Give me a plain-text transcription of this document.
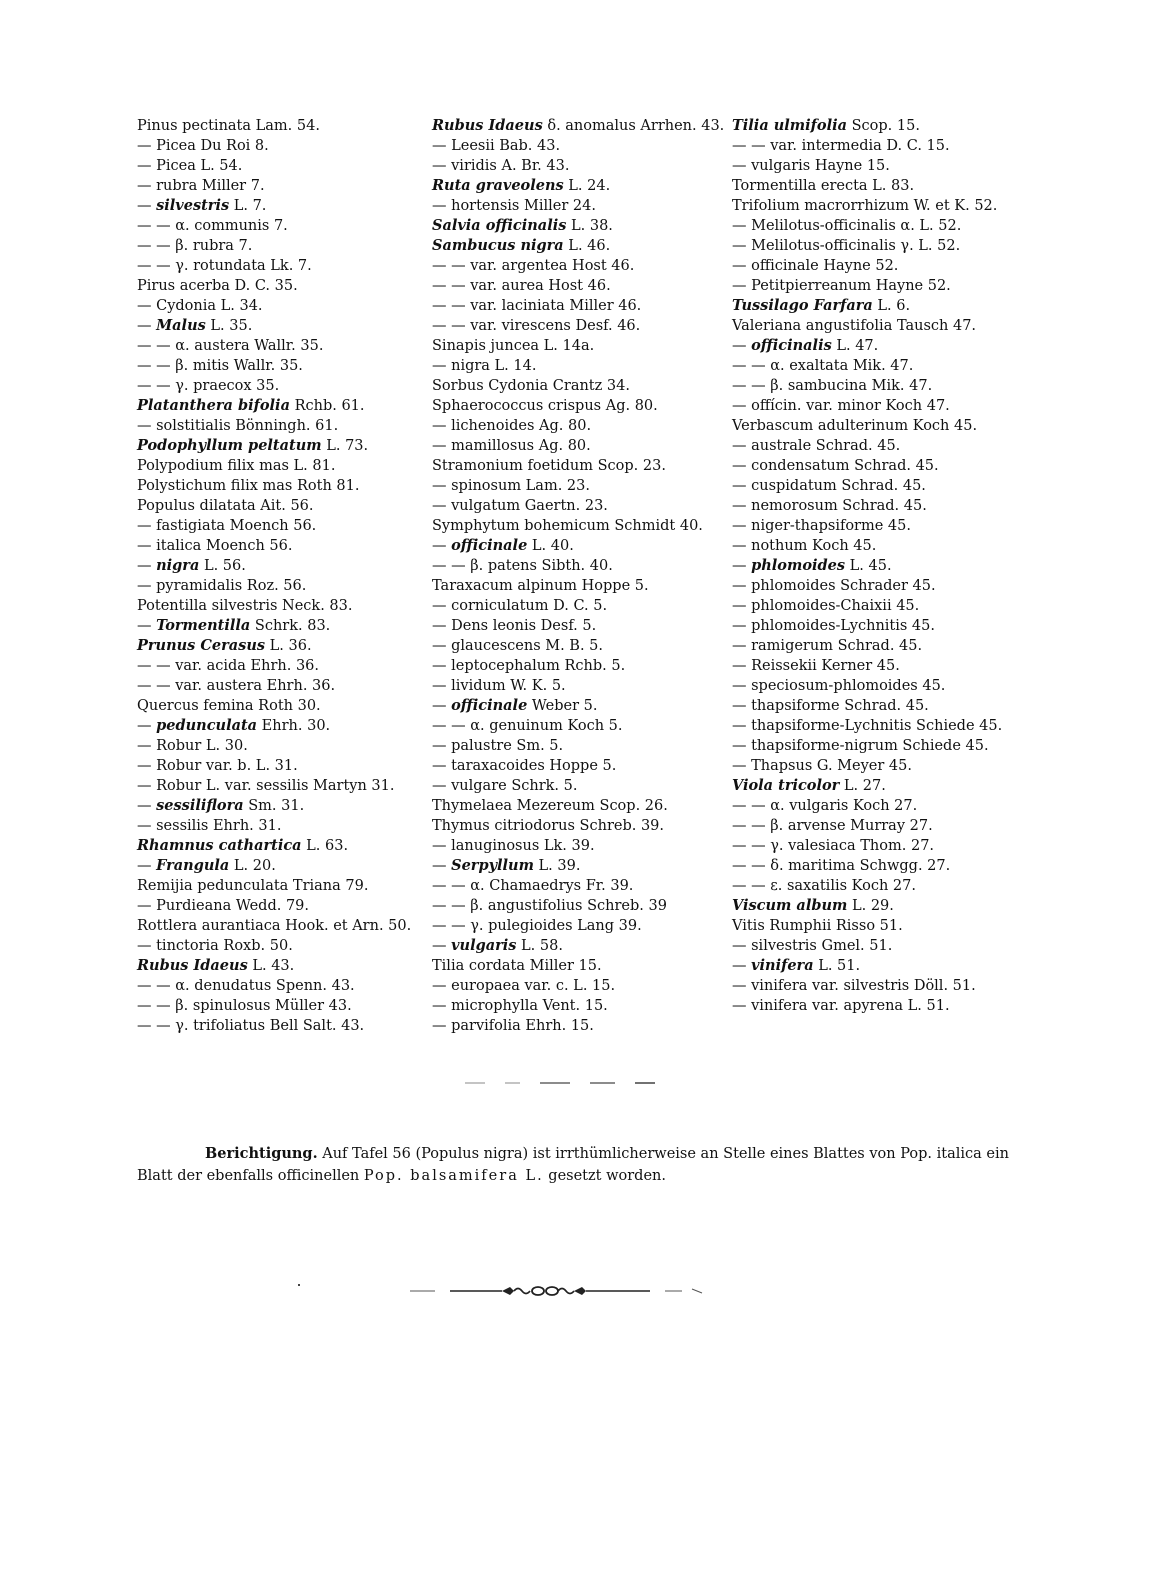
Pinus pectinata Lam. 54.
— Picea Du Roi 8.
— Picea L. 54.
— rubra Miller 7.
— silvestris L. 7.
— — α. communis 7.
— — β. rubra 7.
— — γ. rotundata Lk. 7.
Pirus acerba D. C. 35.
— Cydonia L. 34.
— Malus L. 35.
— — α. austera Wallr. 35.
— — β. mitis Wallr. 35.
— — γ. praecox 35.
Platanthera bifolia Rchb. 61.
— solstitialis Bönningh. 61.
Podophyllum peltatum L. 73.
Polypodium filix mas L. 81.
Polystichum filix mas Roth 81.
Populus dilatata Ait. 56.
— fastigiata Moench 56.
— italica Moench 56.
— nigra L. 56.
— pyramidalis Roz. 56.
Potentilla silvestris Neck. 83.
— Tormentilla Schrk. 83.
Prunus Cerasus L. 36.
— — var. acida Ehrh. 36.
— — var. austera Ehrh. 36.
Quercus femina Roth 30.
— pedunculata Ehrh. 30.
— Robur L. 30.
— Robur var. b. L. 31.
— Robur L. var. sessilis Martyn 31.
— sessiliflora Sm. 31.
— sessilis Ehrh. 31.
Rhamnus cathartica L. 63.
— Frangula L. 20.
Remijia pedunculata Triana 79.
— Purdieana Wedd. 79.
Rottlera aurantiaca Hook. et Arn. 50.
— tinctoria Roxb. 50.
Rubus Idaeus L. 43.
— — α. denudatus Spenn. 43.
— — β. spinulosus Müller 43.
— — γ. trifoliatus Bell Salt. 43.
Rubus Idaeus δ. anomalus Arrhen. 43.
— Leesii Bab. 43.
— viridis A. Br. 43.
Ruta graveolens L. 24.
— hortensis Miller 24.
Salvia officinalis L. 38.
Sambucus nigra L. 46.
— — var. argentea Host 46.
— — var. aurea Host 46.
— — var. laciniata Miller 46.
— — var. virescens Desf. 46.
Sinapis juncea L. 14a.
— nigra L. 14.
Sorbus Cydonia Crantz 34.
Sphaerococcus crispus Ag. 80.
— lichenoides Ag. 80.
— mamillosus Ag. 80.
Stramonium foetidum Scop. 23.
— spinosum Lam. 23.
— vulgatum Gaertn. 23.
Symphytum bohemicum Schmidt 40.
— officinale L. 40.
— — β. patens Sibth. 40.
Taraxacum alpinum Hoppe 5.
— corniculatum D. C. 5.
— Dens leonis Desf. 5.
— glaucescens M. B. 5.
— leptocephalum Rchb. 5.
— lividum W. K. 5.
— officinale Weber 5.
— — α. genuinum Koch 5.
— palustre Sm. 5.
— taraxacoides Hoppe 5.
— vulgare Schrk. 5.
Thymelaea Mezereum Scop. 26.
Thymus citriodorus Schreb. 39.
— lanuginosus Lk. 39.
— Serpyllum L. 39.
— — α. Chamaedrys Fr. 39.
— — β. angustifolius Schreb. 39
— — γ. pulegioides Lang 39.
— vulgaris L. 58.
Tilia cordata Miller 15.
— europaea var. c. L. 15.
— microphylla Vent. 15.
— parvifolia Ehrh. 15.
Tilia ulmifolia Scop. 15.
— — var. intermedia D. C. 15.
— vulgaris Hayne 15.
Tormentilla erecta L. 83.
Trifolium macrorrhizum W. et K. 52.
— Melilotus-officinalis α. L. 52.
— Melilotus-officinalis γ. L. 52.
— officinale Hayne 52.
— Petitpierreanum Hayne 52.
Tussilago Farfara L. 6.
Valeriana angustifolia Tausch 47.
— officinalis L. 47.
— — α. exaltata Mik. 47.
— — β. sambucina Mik. 47.
— offícin. var. minor Koch 47.
Verbascum adulterinum Koch 45.
— australe Schrad. 45.
— condensatum Schrad. 45.
— cuspidatum Schrad. 45.
— nemorosum Schrad. 45.
— niger-thapsiforme 45.
— nothum Koch 45.
— phlomoides L. 45.
— phlomoides Schrader 45.
— phlomoides-Chaixii 45.
— phlomoides-Lychnitis 45.
— ramigerum Schrad. 45.
— Reissekii Kerner 45.
— speciosum-phlomoides 45.
— thapsiforme Schrad. 45.
— thapsiforme-Lychnitis Schiede 45.
— thapsiforme-nigrum Schiede 45.
— Thapsus G. Meyer 45.
Viola tricolor L. 27.
— — α. vulgaris Koch 27.
— — β. arvense Murray 27.
— — γ. valesiaca Thom. 27.
— — δ. maritima Schwgg. 27.
— — ε. saxatilis Koch 27.
Viscum album L. 29.
Vitis Rumphii Risso 51.
— silvestris Gmel. 51.
— vinifera L. 51.
— vinifera var. silvestris Döll. 51.
— vinifera var. apyrena L. 51.

Berichtigung. Auf Tafel 56 (Populus nigra) ist irrthümlicherweise an Stelle eines Blattes von Pop. italica ein Blatt der ebenfalls officinellen Pop. balsamifera L. gesetzt worden.
